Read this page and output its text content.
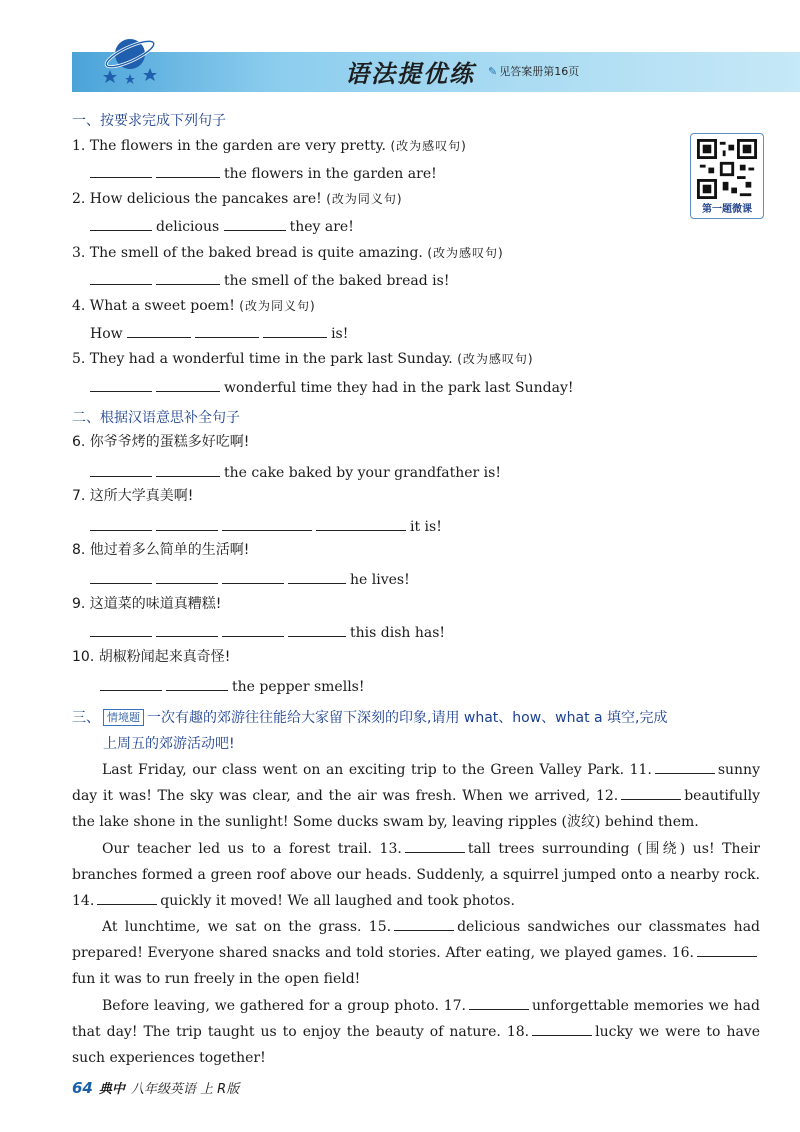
语法提优练 ✎ 见答案册第16页
第一题微课
一、按要求完成下列句子
1. The flowers in the garden are very pretty. (改为感叹句)
the flowers in the garden are!
2. How delicious the pancakes are! (改为同义句)
delicious	they are!
3. The smell of the baked bread is quite amazing. (改为感叹句)
the smell of the baked bread is!
4. What a sweet poem! (改为同义句)
How	is!
5. They had a wonderful time in the park last Sunday. (改为感叹句)
wonderful time they had in the park last Sunday!
二、根据汉语意思补全句子
6. 你爷爷烤的蛋糕多好吃啊!
the cake baked by your grandfather is!
7. 这所大学真美啊!
it is!
8. 他过着多么简单的生活啊!
he lives!
9. 这道菜的味道真糟糕!
this dish has!
10. 胡椒粉闻起来真奇怪!
the pepper smells!
三、 情境题 一次有趣的郊游往往能给大家留下深刻的印象,请用 what、how、what a 填空,完成
上周五的郊游活动吧!
Last Friday, our class went on an exciting trip to the Green Valley Park. 11.	sunny day it was! The sky was clear, and the air was fresh. When we arrived, 12.	beautifully the lake shone in the sunlight! Some ducks swam by, leaving ripples (波纹) behind them.
Our teacher led us to a forest trail. 13.	tall trees surrounding (围绕) us! Their branches formed a green roof above our heads. Suddenly, a squirrel jumped onto a nearby rock. 14.	quickly it moved! We all laughed and took photos.
At lunchtime, we sat on the grass. 15.	delicious sandwiches our classmates had prepared! Everyone shared snacks and told stories. After eating, we played games. 16.fun it was to run freely in the open field!
Before leaving, we gathered for a group photo. 17.	unforgettable memories we had that day! The trip taught us to enjoy the beauty of nature. 18.	lucky we were to have such experiences together!
64 典中 八年级英语 上 R版
